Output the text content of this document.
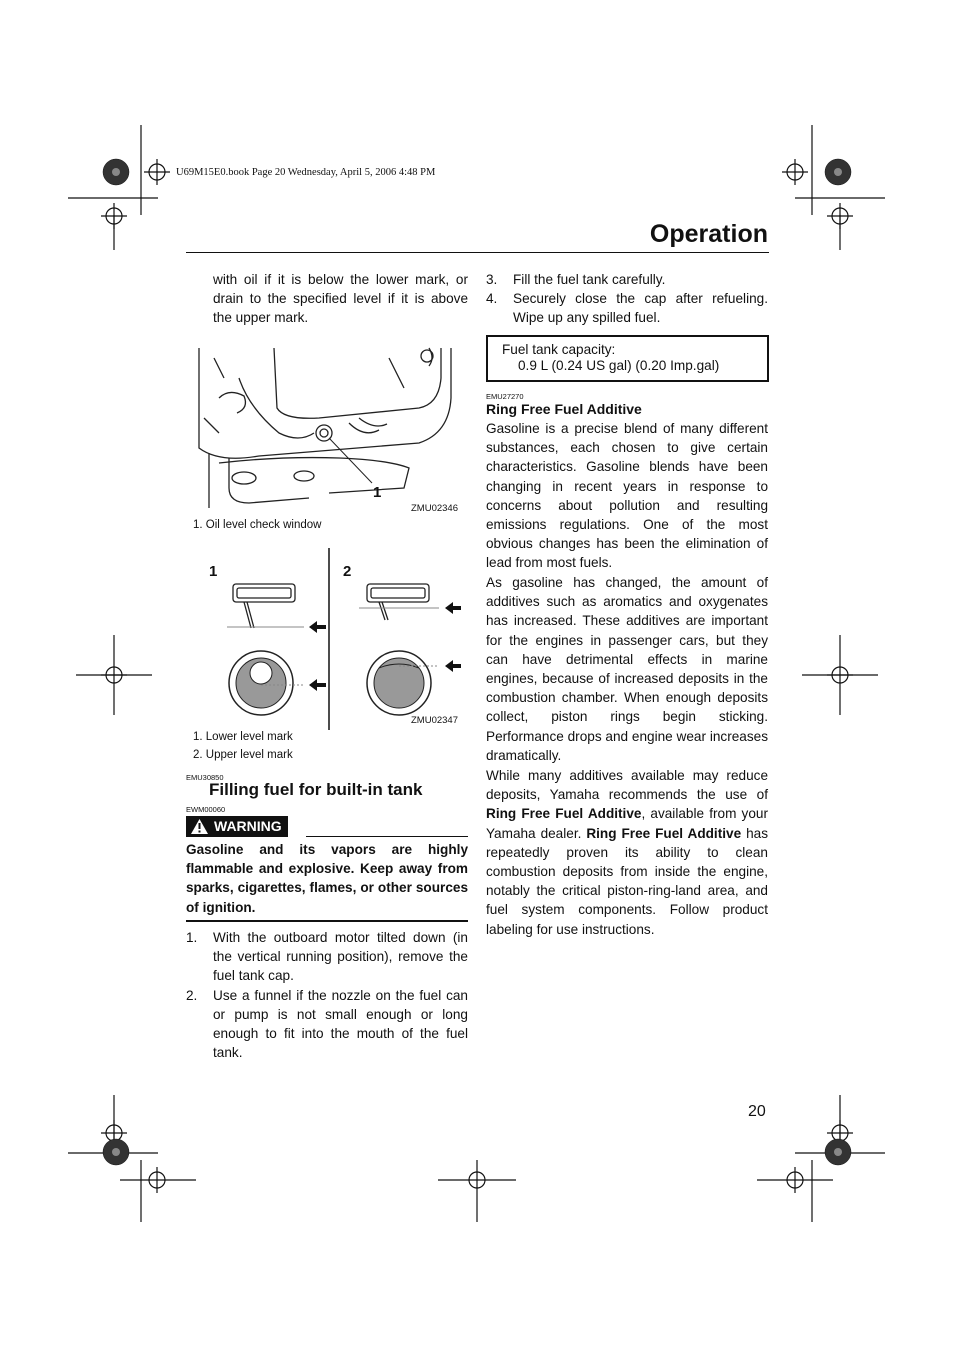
U69M15E0.book Page 20 Wednesday, April 5, 2006 4:48 PM
Operation
with oil if it is below the lower mark, or drain to the specified level if it is above the upper mark.
1
ZMU02346
1. Oil level check window
1	2
ZMU02347
1. Lower level mark
2. Upper level mark
EMU30850
Filling fuel for built-in tank
EWM00060
WARNING
Gasoline and its vapors are highly flammable and explosive. Keep away from sparks, cigarettes, flames, or other sources of ignition.
1. With the outboard motor tilted down (in the vertical running position), remove the fuel tank cap.
2. Use a funnel if the nozzle on the fuel can or pump is not small enough or long enough to fit into the mouth of the fuel tank.
3. Fill the fuel tank carefully.
4. Securely close the cap after refueling. Wipe up any spilled fuel.
Fuel tank capacity:
0.9 L (0.24 US gal) (0.20 Imp.gal)
EMU27270
Ring Free Fuel Additive
Gasoline is a precise blend of many different substances, each chosen to give certain characteristics. Gasoline blends have been changing in recent years in response to concerns about pollution and resulting emissions regulations. One of the most obvious changes has been the elimination of lead from most fuels.
As gasoline has changed, the amount of additives such as aromatics and oxygenates has increased. These additives are important for the engines in passenger cars, but they can have detrimental effects in marine engines, because of increased deposits in the combustion chamber. When enough deposits collect, piston rings begin sticking. Performance drops and engine wear increases dramatically.
While many additives available may reduce deposits, Yamaha recommends the use of Ring Free Fuel Additive, available from your Yamaha dealer. Ring Free Fuel Additive has repeatedly proven its ability to clean combustion deposits from inside the engine, notably the critical piston-ring-land area, and fuel system components. Follow product labeling for use instructions.
20
